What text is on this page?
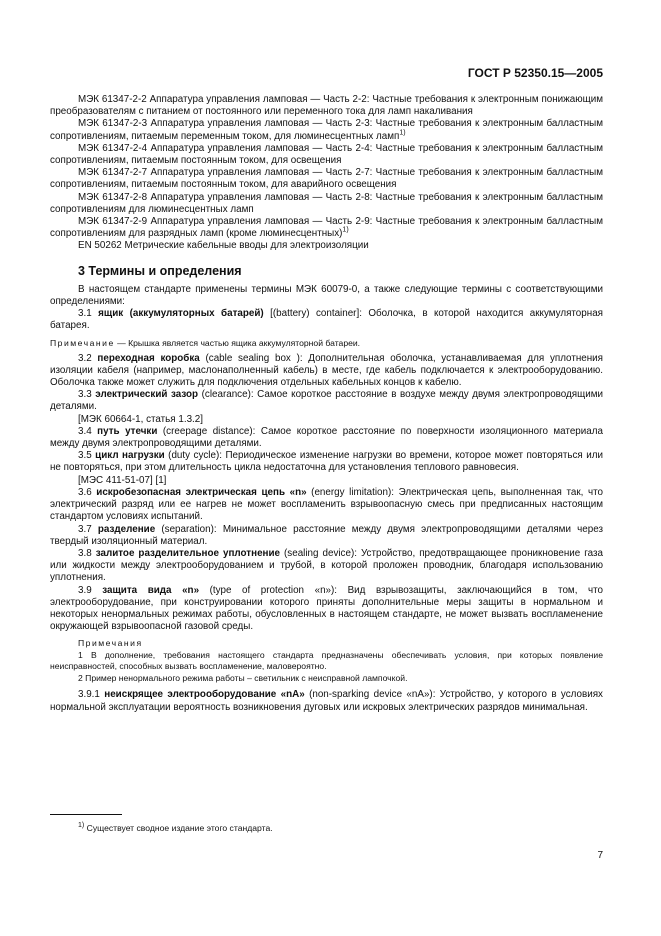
ГОСТ Р 52350.15—2005

МЭК 61347-2-2 Аппаратура управления ламповая — Часть 2-2: Частные требования к электронным понижающим преобразователям с питанием от постоянного или переменного тока для ламп накаливания

МЭК 61347-2-3 Аппаратура управления ламповая — Часть 2-3: Частные требования к электронным балластным сопротивлениям, питаемым переменным током, для люминесцентных ламп$^{1)}$

МЭК 61347-2-4 Аппаратура управления ламповая — Часть 2-4: Частные требования к электронным балластным сопротивлениям, питаемым постоянным током, для освещения

МЭК 61347-2-7 Аппаратура управления ламповая — Часть 2-7: Частные требования к электронным балластным сопротивлениям, питаемым постоянным током, для аварийного освещения

МЭК 61347-2-8 Аппаратура управления ламповая — Часть 2-8: Частные требования к электронным балластным сопротивлениям для люминесцентных ламп

МЭК 61347-2-9 Аппаратура управления ламповая — Часть 2-9: Частные требования к электронным балластным сопротивлениям для разрядных ламп (кроме люминесцентных)$^{1)}$

EN 50262 Метрические кабельные вводы для электроизоляции

3 Термины и определения

В настоящем стандарте применены термины МЭК 60079-0, а также следующие термины с соответствующими определениями:

3.1 ящик (аккумуляторных батарей) [(battery) container]: Оболочка, в которой находится аккумуляторная батарея.

Примечание — Крышка является частью ящика аккумуляторной батареи.

3.2 переходная коробка (cable sealing box ): Дополнительная оболочка, устанавливаемая для уплотнения изоляции кабеля (например, маслонаполненный кабель) в месте, где кабель подключается к электрооборудованию. Оболочка также может служить для подключения отдельных кабельных концов к кабелю.

3.3 электрический зазор (clearance): Самое короткое расстояние в воздухе между двумя электропроводящими деталями.

[МЭК 60664-1, статья 1.3.2]

3.4 путь утечки (creepage distance): Самое короткое расстояние по поверхности изоляционного материала между двумя электропроводящими деталями.

3.5 цикл нагрузки (duty cycle): Периодическое изменение нагрузки во времени, которое может повторяться или не повторяться, при этом длительность цикла недостаточна для установления теплового равновесия.

[МЭС 411-51-07] [1]

3.6 искробезопасная электрическая цепь «n» (energy limitation): Электрическая цепь, выполненная так, что электрический разряд или ее нагрев не может воспламенить взрывоопасную смесь при предписанных настоящим стандартом условиях испытаний.

3.7 разделение (separation): Минимальное расстояние между двумя электропроводящими деталями через твердый изоляционный материал.

3.8 залитое разделительное уплотнение (sealing device): Устройство, предотвращающее проникновение газа или жидкости между электрооборудованием и трубой, в которой проложен проводник, благодаря использованию уплотнения.

3.9 защита вида «n» (type of protection «n»): Вид взрывозащиты, заключающийся в том, что электрооборудование, при конструировании которого приняты дополнительные меры защиты в нормальном и некоторых ненормальных режимах работы, обусловленных в настоящем стандарте, не может вызвать воспламенение окружающей взрывоопасной газовой среды.

Примечания

1 В дополнение, требования настоящего стандарта предназначены обеспечивать условия, при которых появление неисправностей, способных вызвать воспламенение, маловероятно.

2 Пример ненормального режима работы – светильник с неисправной лампочкой.

3.9.1 неискрящее электрооборудование «nA» (non-sparking device «nA»): Устройство, у которого в условиях нормальной эксплуатации вероятность возникновения дуговых или искровых электрических разрядов минимальная.

$^{1)}$ Существует сводное издание этого стандарта.
7
